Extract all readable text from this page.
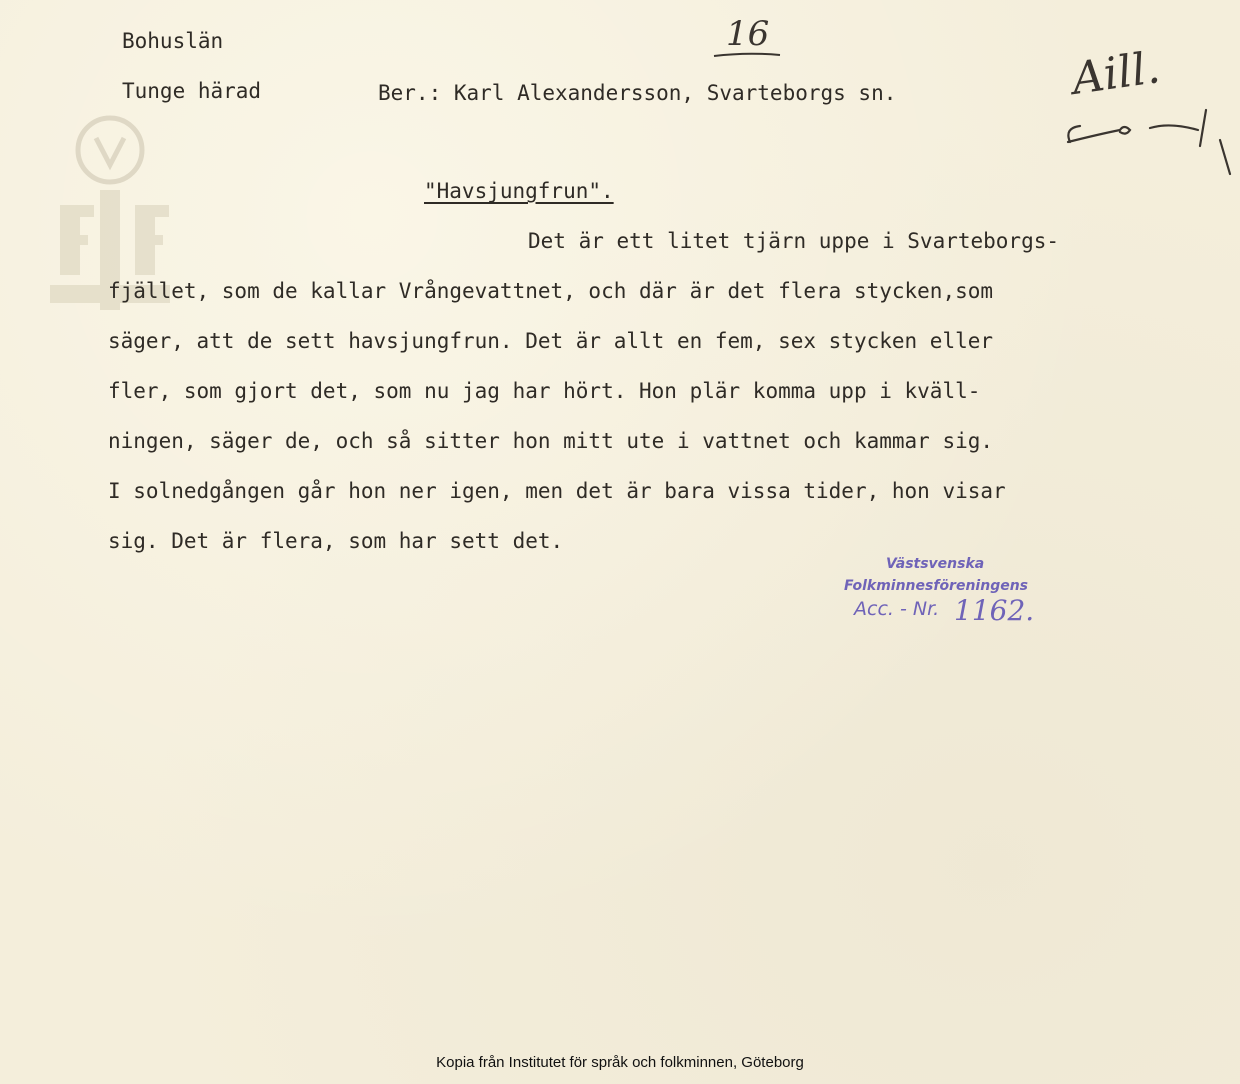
Bohuslän
Tunge härad	Ber.: Karl Alexandersson, Svarteborgs sn.
16
Aill.
"Havsjungfrun".
Det är ett litet tjärn uppe i Svarteborgs-
fjället, som de kallar Vrångevattnet, och där är det flera stycken,som
säger, att de sett havsjungfrun. Det är allt en fem, sex stycken eller
fler, som gjort det, som nu jag har hört. Hon plär komma upp i kväll-
ningen, säger de, och så sitter hon mitt ute i vattnet och kammar sig.
I solnedgången går hon ner igen, men det är bara vissa tider, hon visar
sig. Det är flera, som har sett det.
Västsvenska
Folkminnesföreningens
Acc. - Nr. 1162.
Kopia från Institutet för språk och folkminnen, Göteborg
